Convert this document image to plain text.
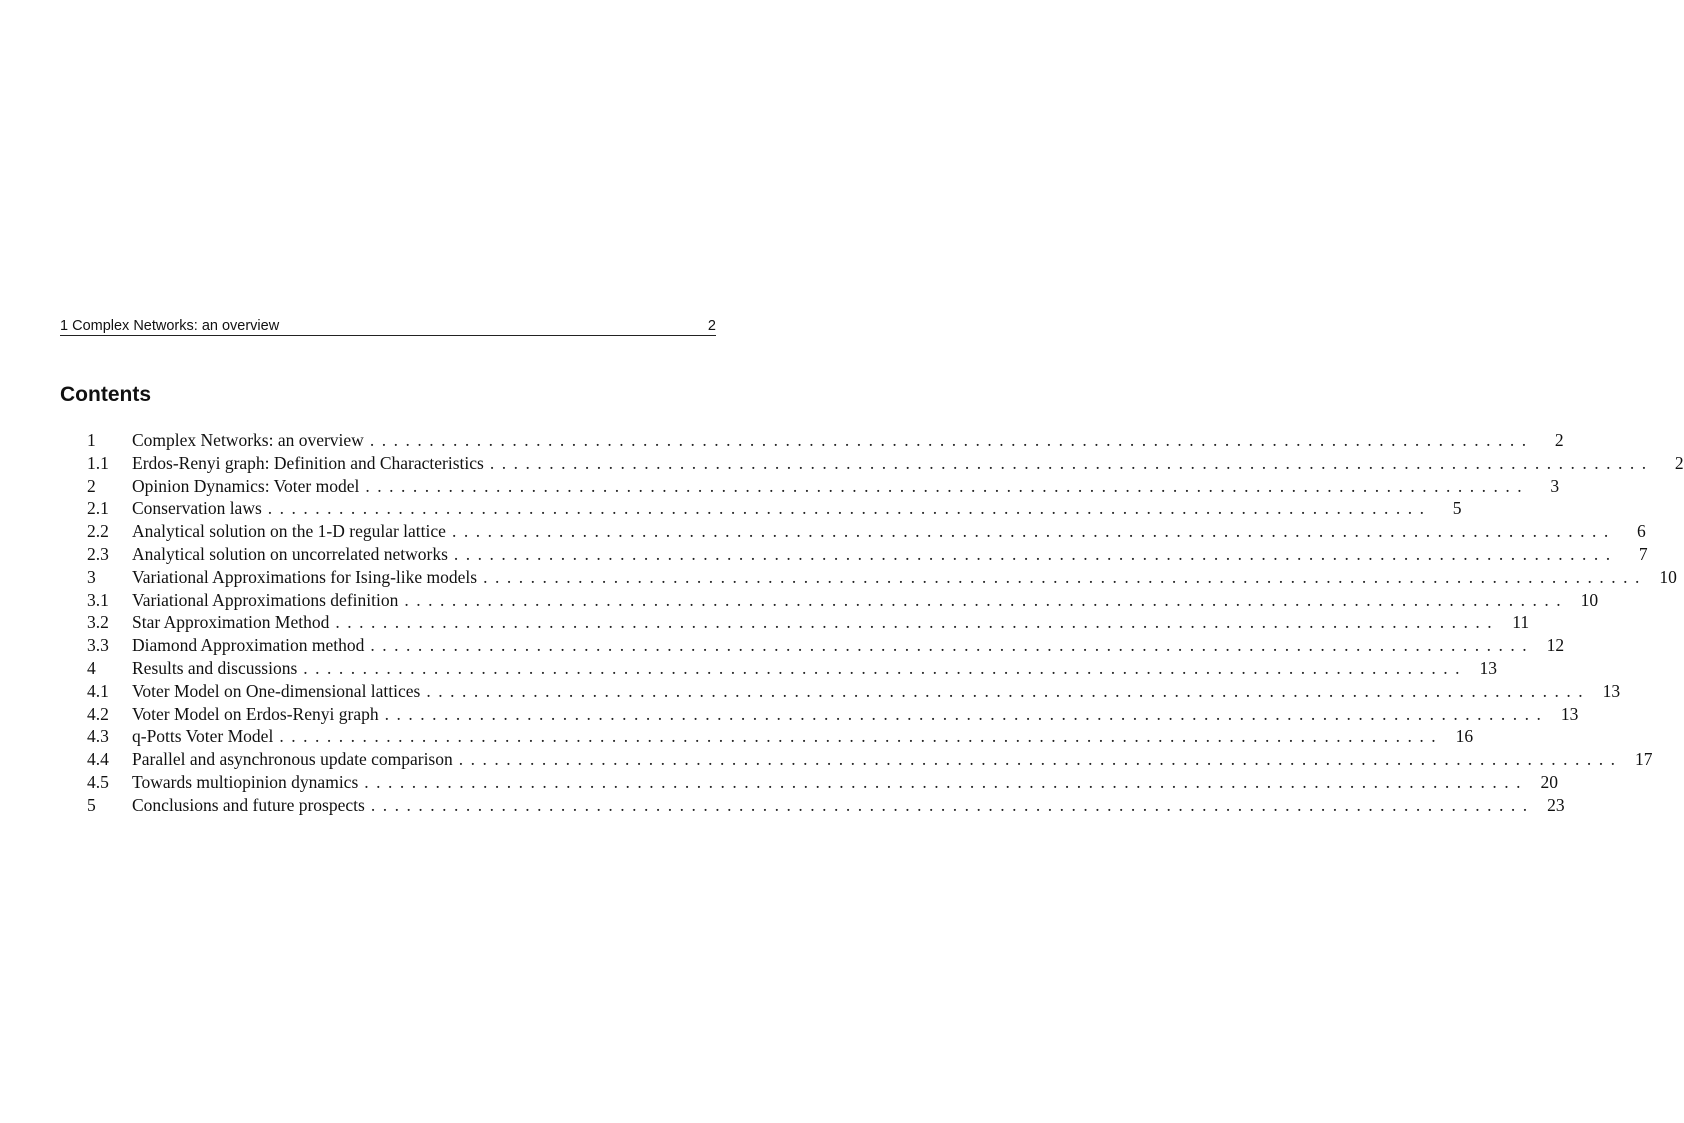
1 Complex Networks: an overview	2
Contents
1	Complex Networks: an overview ..................................................................................................	2
1.1	Erdos-Renyi graph: Definition and Characteristics ..................................................................................................	2
2	Opinion Dynamics: Voter model ..................................................................................................	3
2.1	Conservation laws ..................................................................................................	5
2.2	Analytical solution on the 1-D regular lattice ..................................................................................................	6
2.3	Analytical solution on uncorrelated networks ..................................................................................................	7
3	Variational Approximations for Ising-like models .................................................................................................. 10
3.1	Variational Approximations definition .................................................................................................. 10
3.2	Star Approximation Method .................................................................................................. 11
3.3	Diamond Approximation method .................................................................................................. 12
4	Results and discussions .................................................................................................. 13
4.1	Voter Model on One-dimensional lattices .................................................................................................. 13
4.2	Voter Model on Erdos-Renyi graph .................................................................................................. 13
4.3	q-Potts Voter Model .................................................................................................. 16
4.4	Parallel and asynchronous update comparison .................................................................................................. 17
4.5	Towards multiopinion dynamics .................................................................................................. 20
5	Conclusions and future prospects .................................................................................................. 23
